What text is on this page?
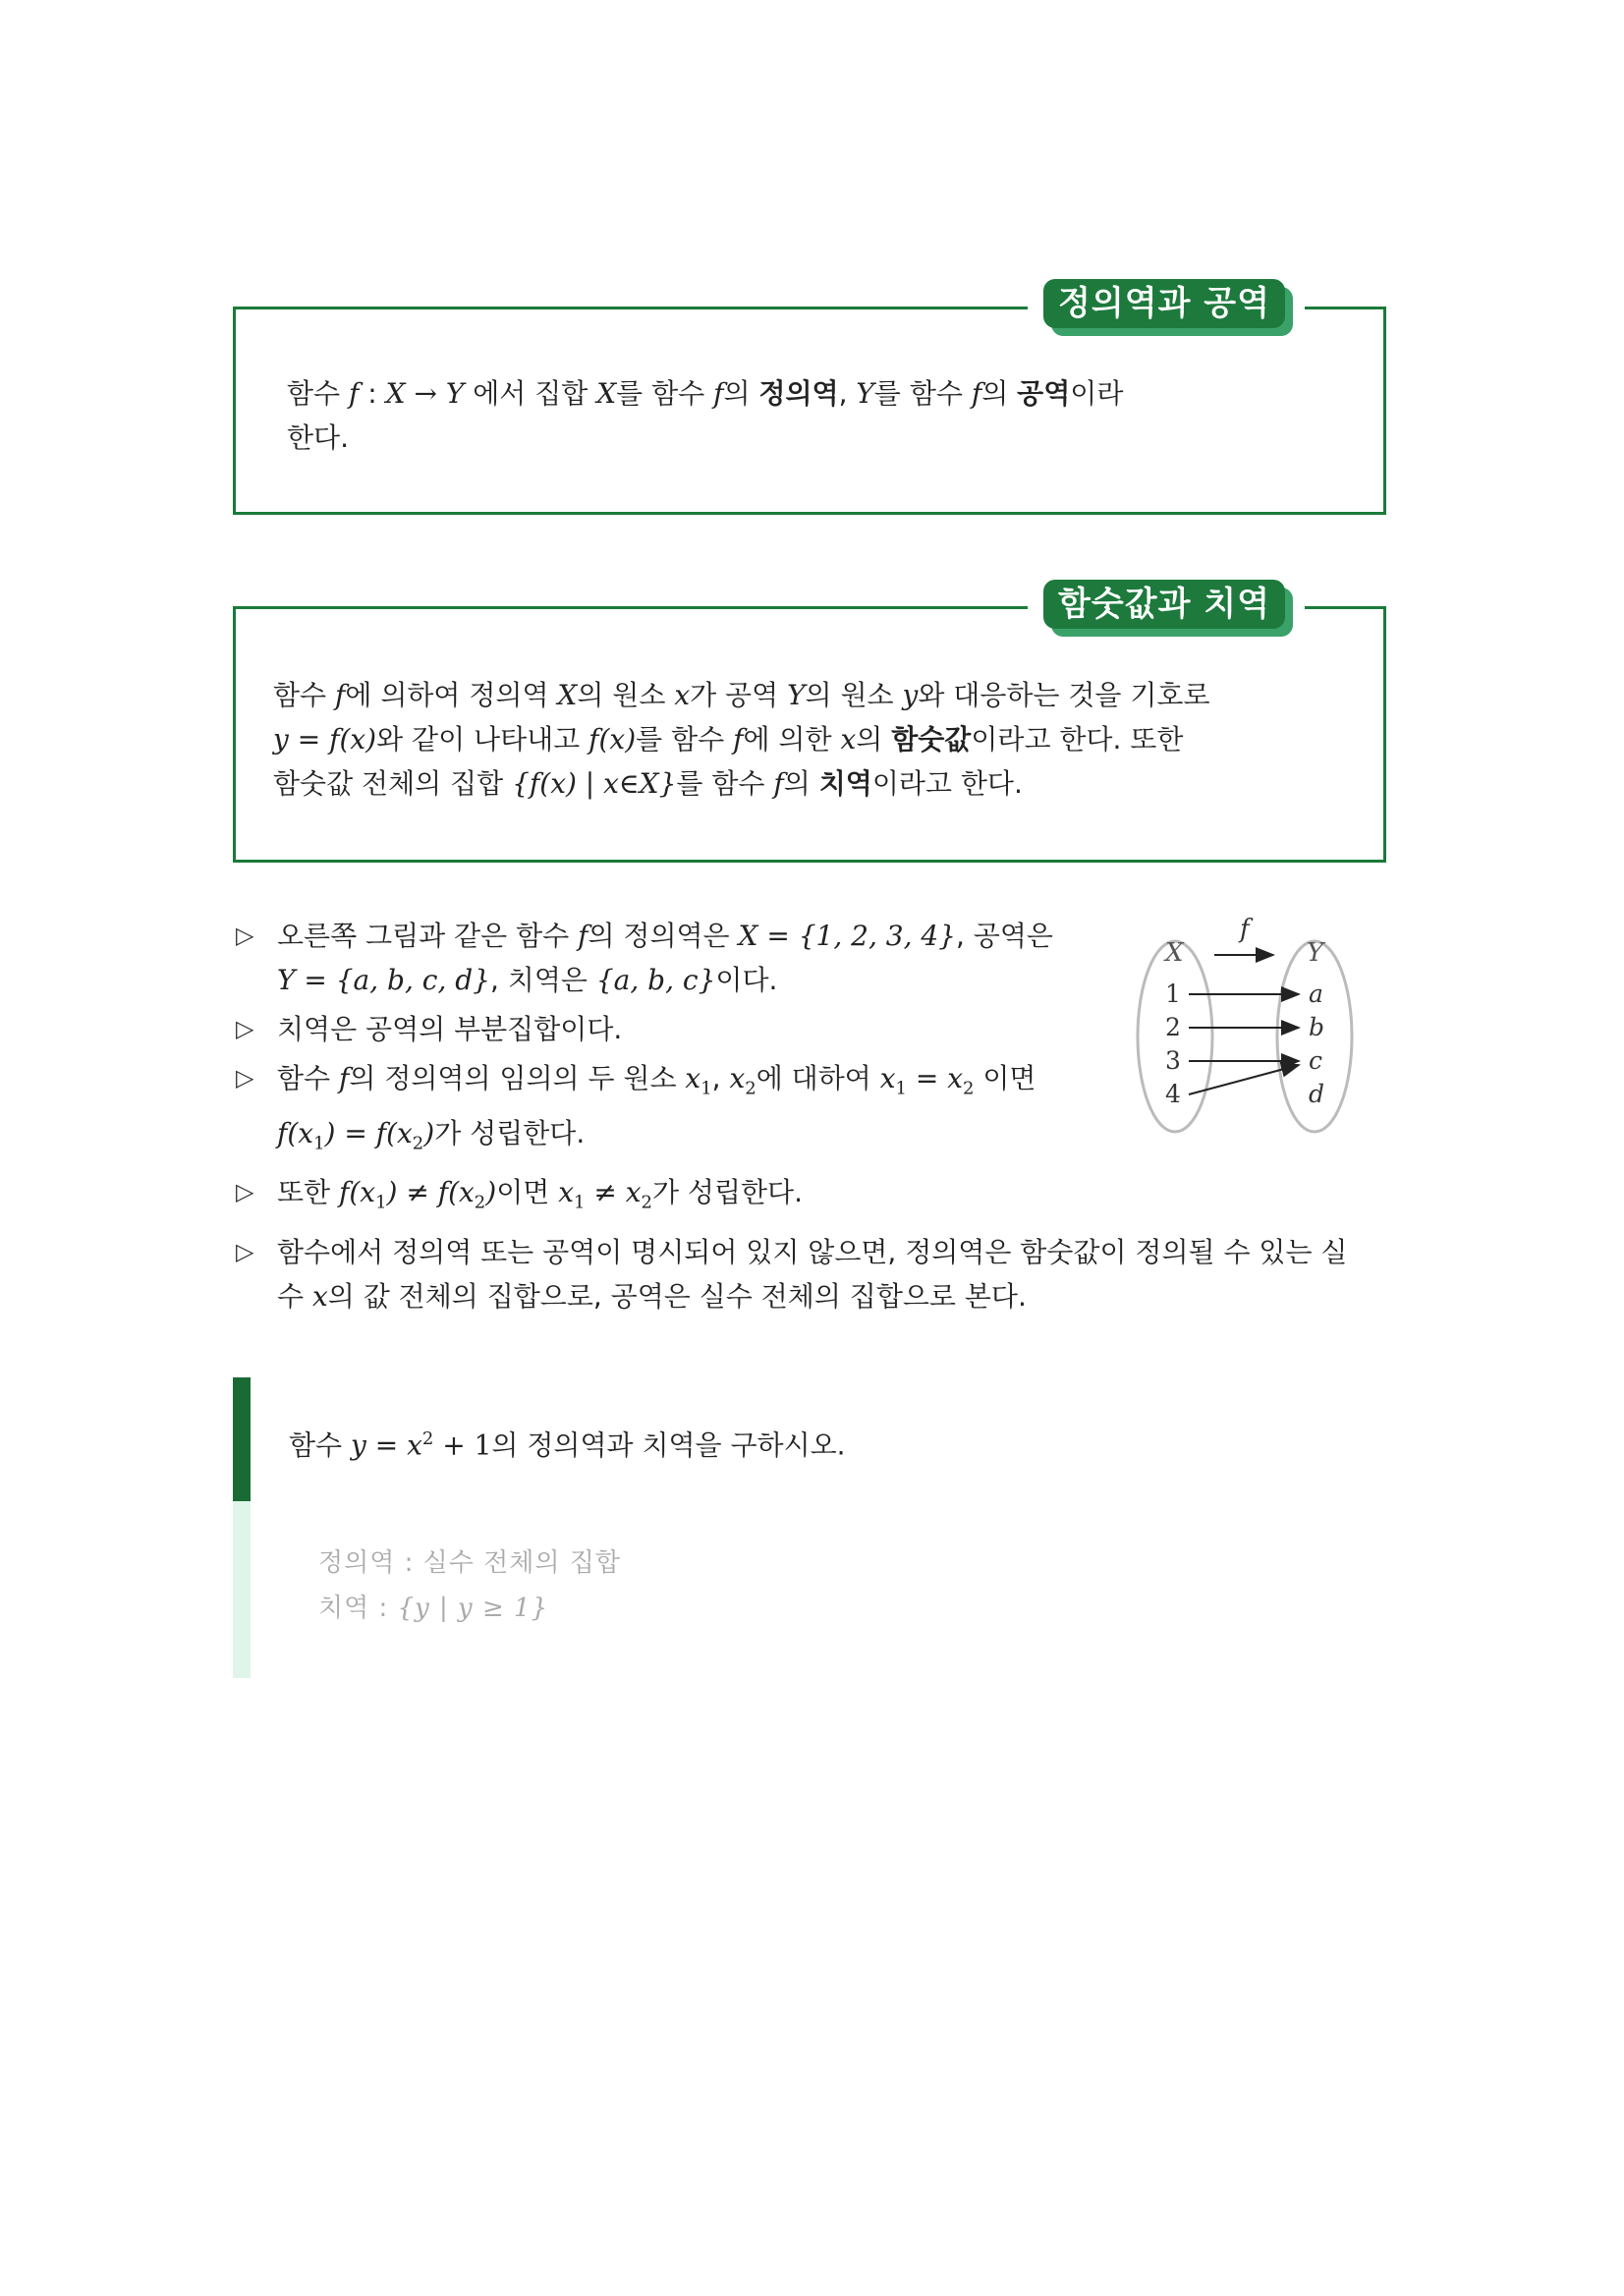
정의역과 공역
함수 f : X → Y 에서 집합 X를 함수 f의 정의역, Y를 함수 f의 공역이라
한다.
함숫값과 치역
함수 f에 의하여 정의역 X의 원소 x가 공역 Y의 원소 y와 대응하는 것을 기호로
y = f(x)와 같이 나타내고 f(x)를 함수 f에 의한 x의 함숫값이라고 한다. 또한
함숫값 전체의 집합 {f(x) | x∈X}를 함수 f의 치역이라고 한다.
▷ 오른쪽 그림과 같은 함수 f의 정의역은 X = {1, 2, 3, 4}, 공역은
Y = {a, b, c, d}, 치역은 {a, b, c}이다.
▷ 치역은 공역의 부분집합이다.
▷ 함수 f의 정의역의 임의의 두 원소 $x_1$, $x_2$에 대하여 $x_1 = x_2$ 이면
$f(x_1) = f(x_2)$가 성립한다.
▷ 또한 $f(x_1) \ne f(x_2)$이면 $x_1 \ne x_2$가 성립한다.
▷ 함수에서 정의역 또는 공역이 명시되어 있지 않으면, 정의역은 함숫값이 정의될 수 있는 실
수 x의 값 전체의 집합으로, 공역은 실수 전체의 집합으로 본다.
f
X	Y
1
2
3
4
a
b
c
d
함수 $y = x^2 + 1$의 정의역과 치역을 구하시오.
정의역 : 실수 전체의 집합
치역 : {y | y ≥ 1}
